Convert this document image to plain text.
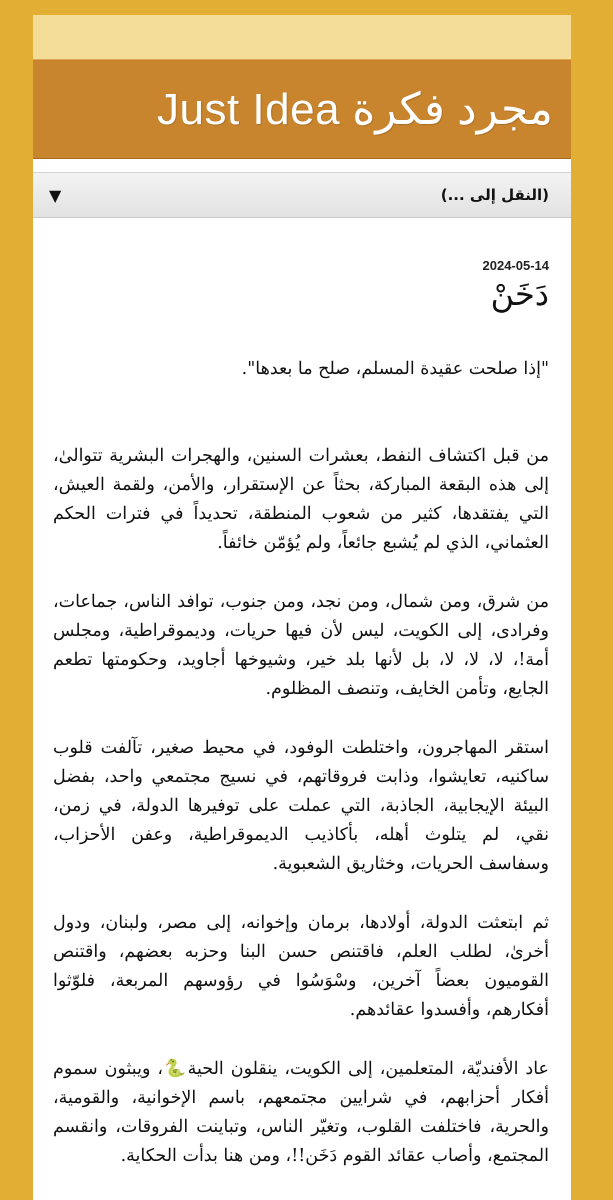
مجرد فكرة Just Idea
▼	(النقل إلى ...)
2024-05-14
دَخَنْ

"إذا صلحت عقيدة المسلم، صلح ما بعدها".

من قبل اكتشاف النفط، بعشرات السنين، والهجرات البشرية تتوالىٰ، إلى هذه البقعة المباركة، بحثاً عن الإستقرار، والأمن، ولقمة العيش، التي يفتقدها، كثير من شعوب المنطقة، تحديداً في فترات الحكم العثماني، الذي لم يُشبع جائعاً، ولم يُؤمّن خائفاً.

من شرق، ومن شمال، ومن نجد، ومن جنوب، توافد الناس، جماعات، وفرادى، إلى الكويت، ليس لأن فيها حريات، وديموقراطية، ومجلس أمة!، لا، لا، لا، بل لأنها بلد خير، وشيوخها أجاويد، وحكومتها تطعم الجايع، وتأمن الخايف، وتنصف المظلوم.

استقر المهاجرون، واختلطت الوفود، في محيط صغير، تآلفت قلوب ساكنيه، تعايشوا، وذابت فروقاتهم، في نسيج مجتمعي واحد، بفضل البيئة الإيجابية، الجاذبة، التي عملت على توفيرها الدولة، في زمن، نقي، لم يتلوث أهله، بأكاذيب الديموقراطية، وعفن الأحزاب، وسفاسف الحريات، وخثاريق الشعبوية.

ثم ابتعثت الدولة، أولادها، برمان وإخوانه، إلى مصر، ولبنان، ودول أخرىٰ، لطلب العلم، فاقتنص حسن البنا وحزبه بعضهم، واقتنص القوميون بعضاً آخرين، وسْوَسُوا في رؤوسهم المربعة، فلوّثوا أفكارهم، وأفسدوا عقائدهم.

عاد الأفنديّة، المتعلمين، إلى الكويت، ينقلون الحية🐍، ويبثون سموم أفكار أحزابهم، في شرايين مجتمعهم، باسم الإخوانية، والقومية، والحرية، فاختلفت القلوب، وتغيّر الناس، وتباينت الفروقات، وانقسم المجتمع، وأصاب عقائد القوم دَخَن!!، ومن هنا بدأت الحكاية.
